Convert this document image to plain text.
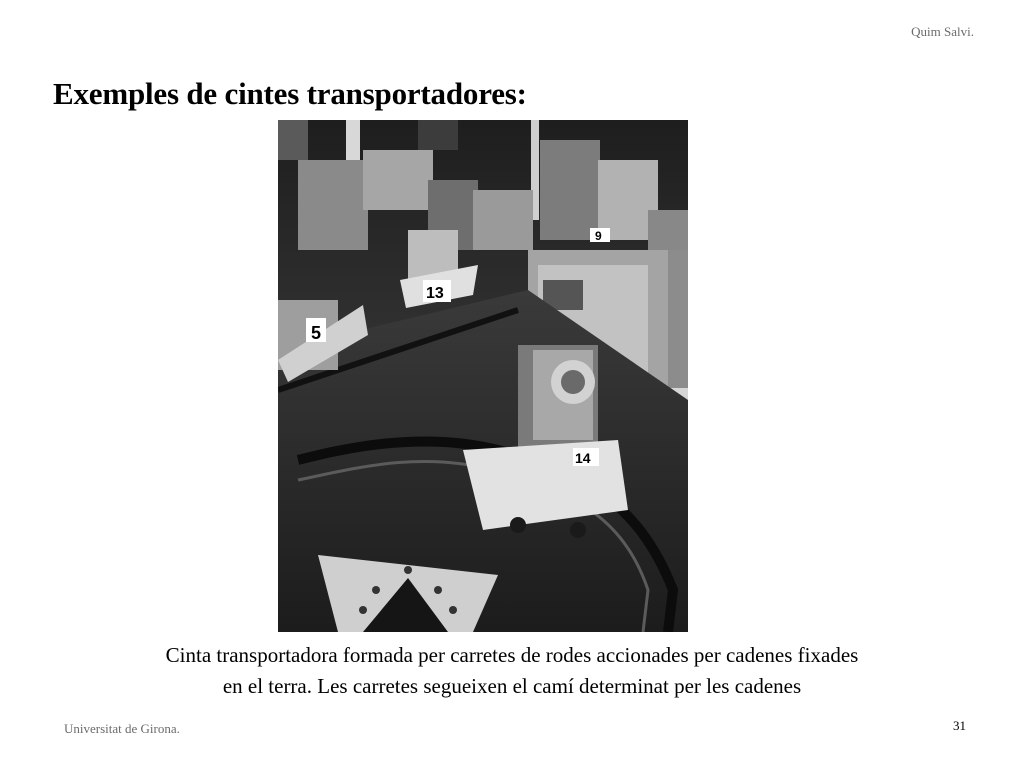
Quim Salvi.
Exemples de cintes transportadores:
5
13
9
14
Cinta transportadora formada per carretes de rodes accionades per cadenes fixades
en el terra. Les carretes segueixen el camí determinat per les cadenes
Universitat de Girona.	31
